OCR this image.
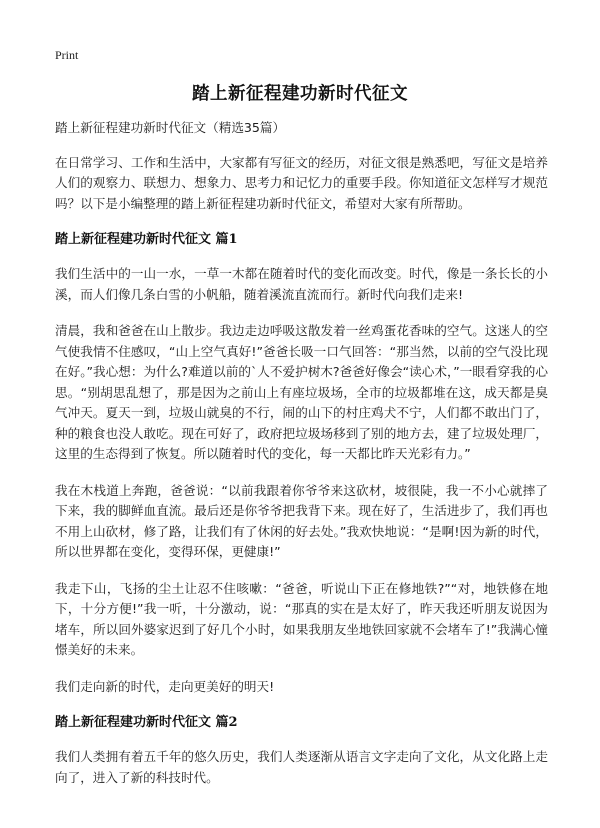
Print
踏上新征程建功新时代征文

踏上新征程建功新时代征文（精选35篇）

在日常学习、工作和生活中，大家都有写征文的经历，对征文很是熟悉吧，写征文是培养人们的观察力、联想力、想象力、思考力和记忆力的重要手段。你知道征文怎样写才规范吗？以下是小编整理的踏上新征程建功新时代征文，希望对大家有所帮助。

踏上新征程建功新时代征文 篇1

我们生活中的一山一水，一草一木都在随着时代的变化而改变。时代，像是一条长长的小溪，而人们像几条白雪的小帆船，随着溪流直流而行。新时代向我们走来!

清晨，我和爸爸在山上散步。我边走边呼吸这散发着一丝鸡蛋花香味的空气。这迷人的空气使我情不住感叹，“山上空气真好!”爸爸长吸一口气回答：“那当然，以前的空气没比现在好。”我心想：为什么?难道以前的`人不爱护树木?爸爸好像会“读心术，”一眼看穿我的心思。“别胡思乱想了，那是因为之前山上有座垃圾场，全市的垃圾都堆在这，成天都是臭气冲天。夏天一到，垃圾山就臭的不行，闹的山下的村庄鸡犬不宁，人们都不敢出门了，种的粮食也没人敢吃。现在可好了，政府把垃圾场移到了别的地方去，建了垃圾处理厂，这里的生态得到了恢复。所以随着时代的变化，每一天都比昨天光彩有力。”

我在木栈道上奔跑，爸爸说：“以前我跟着你爷爷来这砍材，坡很陡，我一不小心就摔了下来，我的脚鲜血直流。最后还是你爷爷把我背下来。现在好了，生活进步了，我们再也不用上山砍材，修了路，让我们有了休闲的好去处。”我欢快地说：“是啊!因为新的时代，所以世界都在变化，变得环保，更健康!”

我走下山，飞扬的尘土让忍不住咳嗽：“爸爸，听说山下正在修地铁?”“对，地铁修在地下，十分方便!”我一听，十分激动，说：“那真的实在是太好了，昨天我还听朋友说因为堵车，所以回外婆家迟到了好几个小时，如果我朋友坐地铁回家就不会堵车了!”我满心憧憬美好的未来。

我们走向新的时代，走向更美好的明天!

踏上新征程建功新时代征文 篇2

我们人类拥有着五千年的悠久历史，我们人类逐渐从语言文字走向了文化，从文化路上走向了，进入了新的科技时代。
